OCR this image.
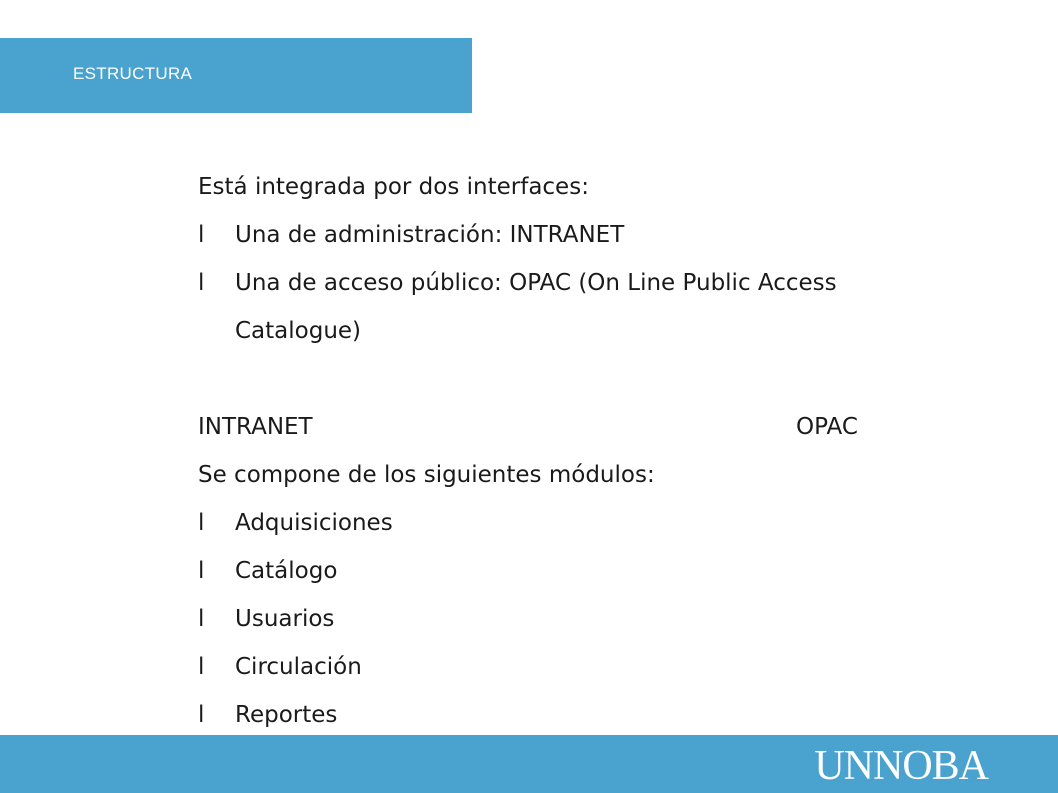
ESTRUCTURA
Está integrada por dos interfaces:
l Una de administración: INTRANET
l Una de acceso público: OPAC (On Line Public Access
Catalogue)
INTRANET	OPAC
Se compone de los siguientes módulos:
l Adquisiciones
l Catálogo
l Usuarios
l Circulación
l Reportes
UNNOBA
